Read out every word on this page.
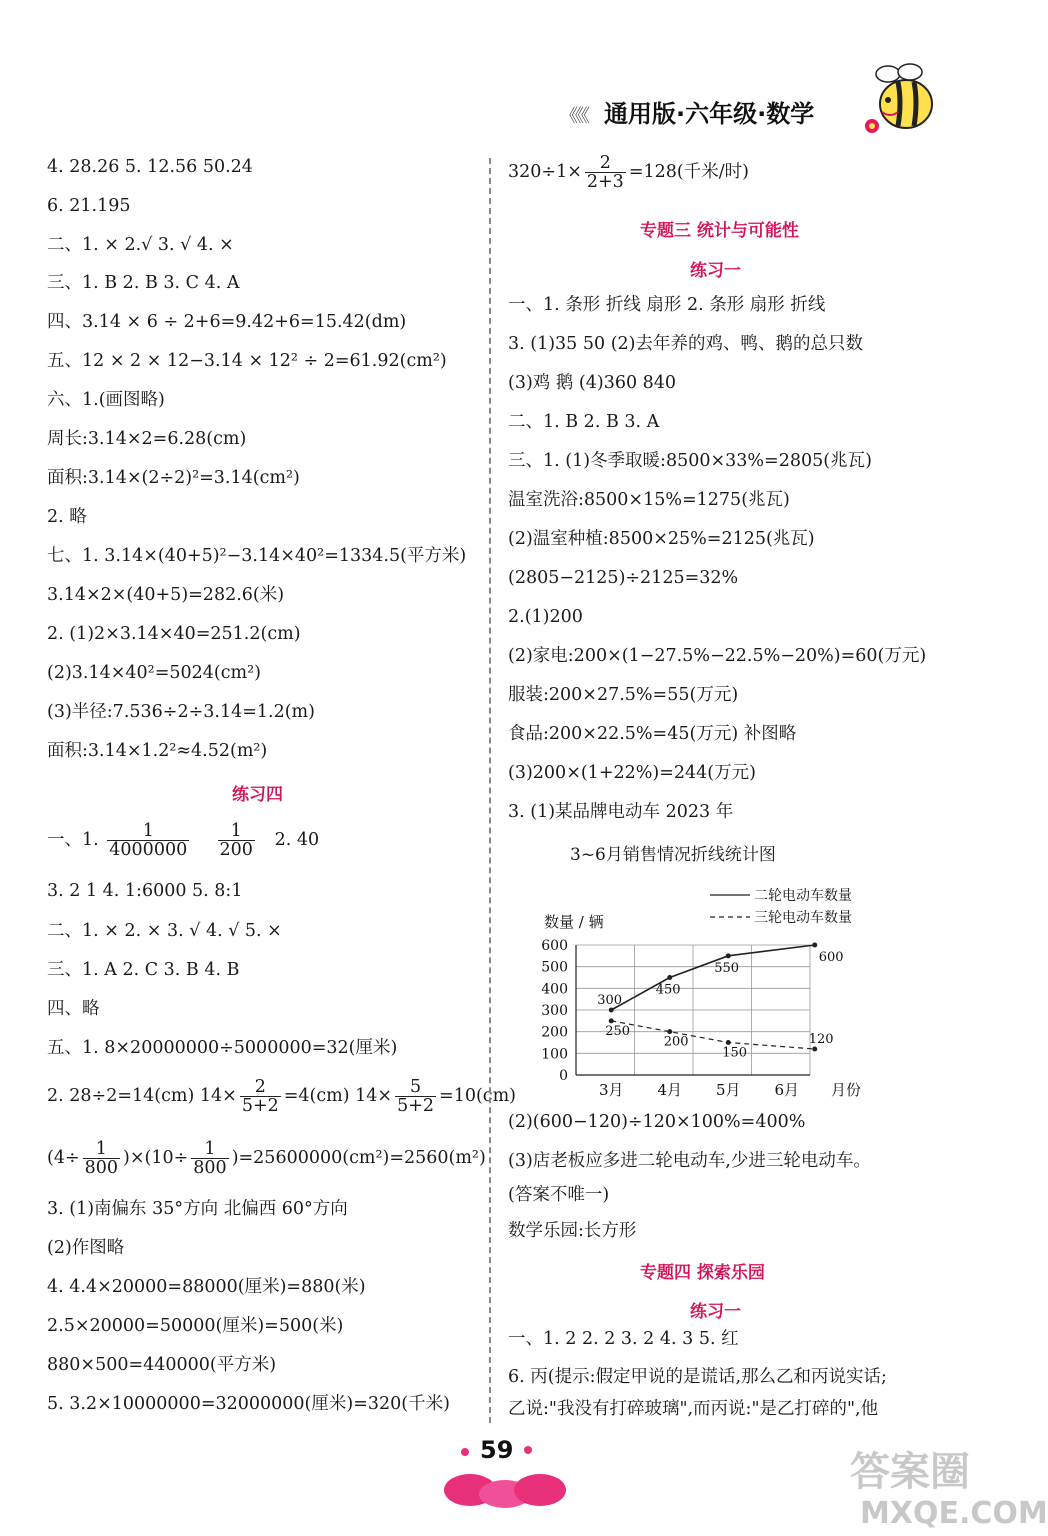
《《《 通用版·六年级·数学
4. 28.26 5. 12.56 50.24
6. 21.195
二、1. × 2.√ 3. √ 4. ×
三、1. B 2. B 3. C 4. A
四、3.14 × 6 ÷ 2+6=9.42+6=15.42(dm)
五、12 × 2 × 12−3.14 × 12² ÷ 2=61.92(cm²)
六、1.(画图略)
周长:3.14×2=6.28(cm)
面积:3.14×(2÷2)²=3.14(cm²)
2. 略
七、1. 3.14×(40+5)²−3.14×40²=1334.5(平方米)
3.14×2×(40+5)=282.6(米)
2. (1)2×3.14×40=251.2(cm)
(2)3.14×40²=5024(cm²)
(3)半径:7.536÷2÷3.14=1.2(m)
面积:3.14×1.2²≈4.52(m²)
练习四
一、1. $\frac{1}{4000000}$
$\frac{1}{200} 2$. 40
3. 2 1 4. 1:6000 5. 8:1
二、1. × 2. × 3. √ 4. √ 5. ×
三、1. A 2. C 3. B 4. B
四、略
五、1. 8×20000000÷5000000=32(厘米)
2. 28÷2=14(cm) $14\times \frac{2}{5+2} =4(cm)$ $14\times \frac{5}{5+2} =10(cm)$
$(4\div \frac{1}{800} )\times(10\div \frac{1}{800} )=25600000(cm^2)=2560(m^2)$
3. (1)南偏东 35°方向 北偏西 60°方向
(2)作图略
4. 4.4×20000=88000(厘米)=880(米)
2.5×20000=50000(厘米)=500(米)
880×500=440000(平方米)
5. 3.2×10000000=32000000(厘米)=320(千米)
$320\div 1\times \frac{2}{2+3} =128$(千米/时)
专题三 统计与可能性
练习一
一、1. 条形 折线 扇形 2. 条形 扇形 折线
3. (1)35 50 (2)去年养的鸡、鸭、鹅的总只数
(3)鸡 鹅 (4)360 840
二、1. B 2. B 3. A
三、1. (1)冬季取暖:8500×33%=2805(兆瓦)
温室洗浴:8500×15%=1275(兆瓦)
(2)温室种植:8500×25%=2125(兆瓦)
(2805−2125)÷2125=32%
2.(1)200
(2)家电:200×(1−27.5%−22.5%−20%)=60(万元)
服装:200×27.5%=55(万元)
食品:200×22.5%=45(万元) 补图略
(3)200×(1+22%)=244(万元)
3. (1)某品牌电动车 2023 年
3~6月销售情况折线统计图
0
100
200
300
400
500
600
3月 4月 5月 6月 月份
数量 / 辆
300
450
550
600
250
200
150
120
二轮电动车数量
三轮电动车数量
(2)(600−120)÷120×100%=400%
(3)店老板应多进二轮电动车,少进三轮电动车。
(答案不唯一)
数学乐园:长方形
专题四 探索乐园
练习一
一、1. 2 2. 2 3. 2 4. 3 5. 红
6. 丙(提示:假定甲说的是谎话,那么乙和丙说实话;
乙说:"我没有打碎玻璃",而丙说:"是乙打碎的",他
59	答案圈
MXQE.COM
